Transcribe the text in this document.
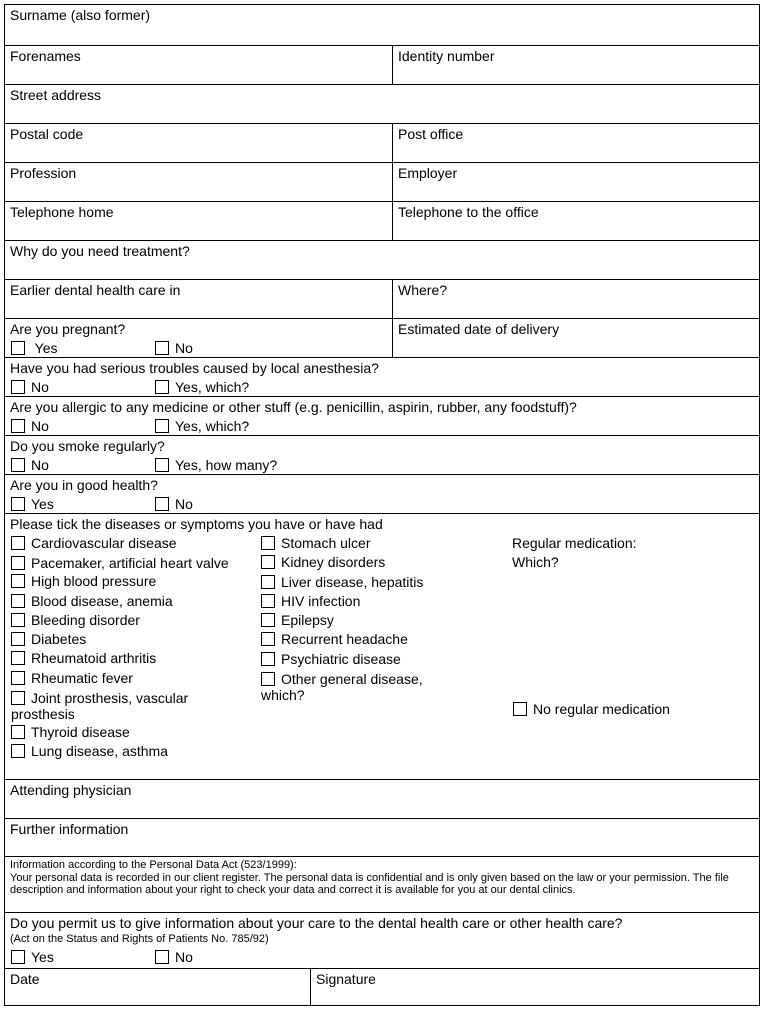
Surname (also former)
Forenames	Identity number
Street address
Postal code	Post office
Profession	Employer
Telephone home	Telephone to the office
Why do you need treatment?
Earlier dental health care in	Where?
Are you pregnant?
Yes	No
Estimated date of delivery
Have you had serious troubles caused by local anesthesia?
No	Yes, which?
Are you allergic to any medicine or other stuff (e.g. penicillin, aspirin, rubber, any foodstuff)?
No	Yes, which?
Do you smoke regularly?
No	Yes, how many?
Are you in good health?
Yes	No
Please tick the diseases or symptoms you have or have had
Cardiovascular disease
Pacemaker, artificial heart valve
High blood pressure
Blood disease, anemia
Bleeding disorder
Diabetes
Rheumatoid arthritis
Rheumatic fever
Joint prosthesis, vascular prosthesis
Thyroid disease
Lung disease, asthma
Stomach ulcer
Kidney disorders
Liver disease, hepatitis
HIV infection
Epilepsy
Recurrent headache
Psychiatric disease
Other general disease, which?
Regular medication:
Which?
No regular medication
Attending physician
Further information
Information according to the Personal Data Act (523/1999):
Your personal data is recorded in our client register. The personal data is confidential and is only given based on the law or your permission. The file description and information about your right to check your data and correct it is available for you at our dental clinics.
Do you permit us to give information about your care to the dental health care or other health care?
(Act on the Status and Rights of Patients No. 785/92)
Yes	No
Date	Signature
